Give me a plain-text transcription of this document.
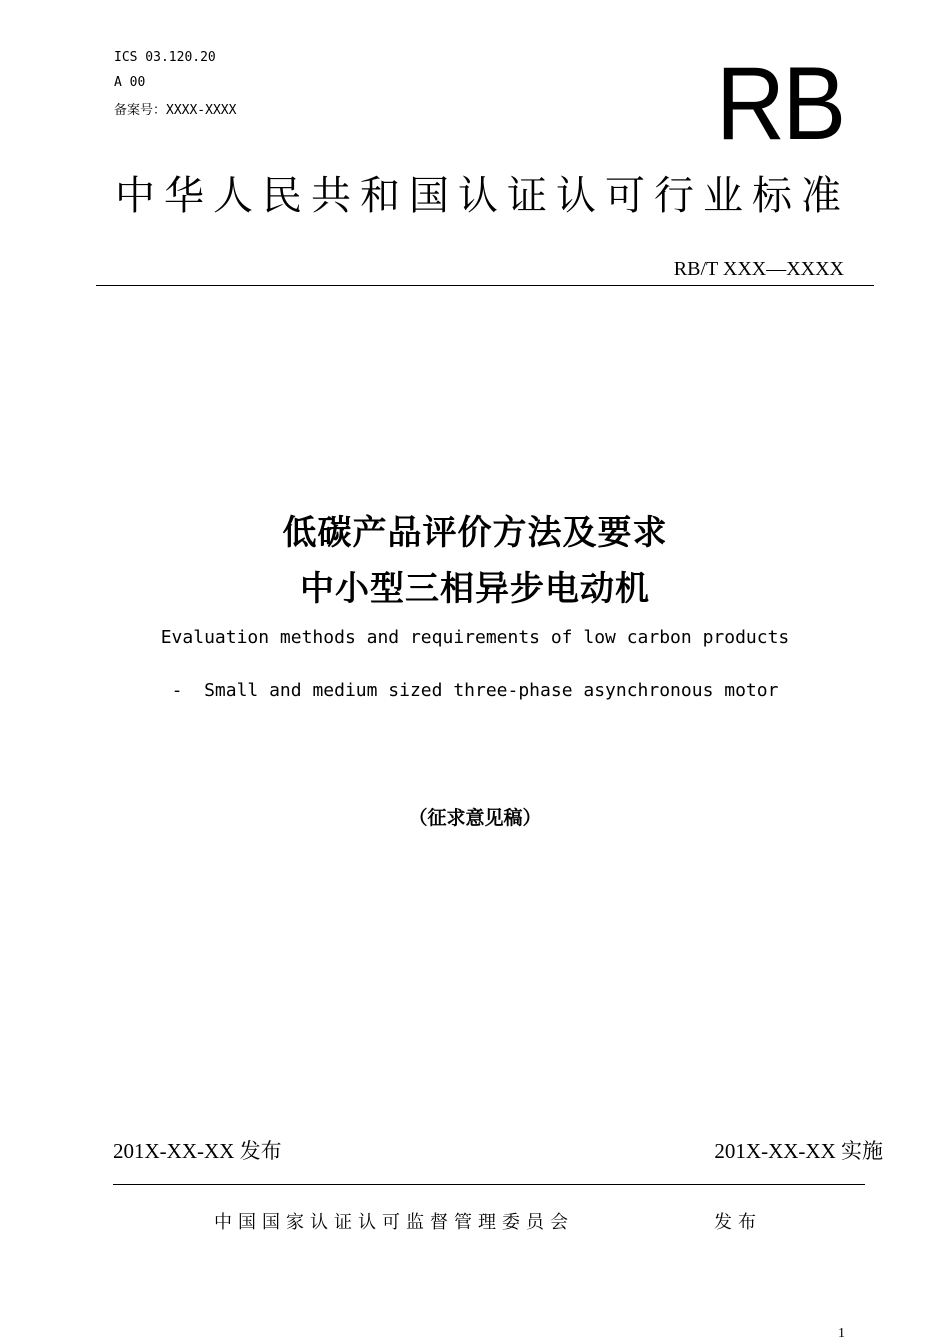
ICS 03.120.20
A 00
备案号：XXXX-XXXX	RB
中华人民共和国认证认可行业标准
RB/T XXX—XXXX
低碳产品评价方法及要求
中小型三相异步电动机
Evaluation methods and requirements of low carbon products
-  Small and medium sized three-phase asynchronous motor
（征求意见稿）
201X-XX-XX 发布	201X-XX-XX 实施
中国国家认证认可监督管理委员会	发布
1
